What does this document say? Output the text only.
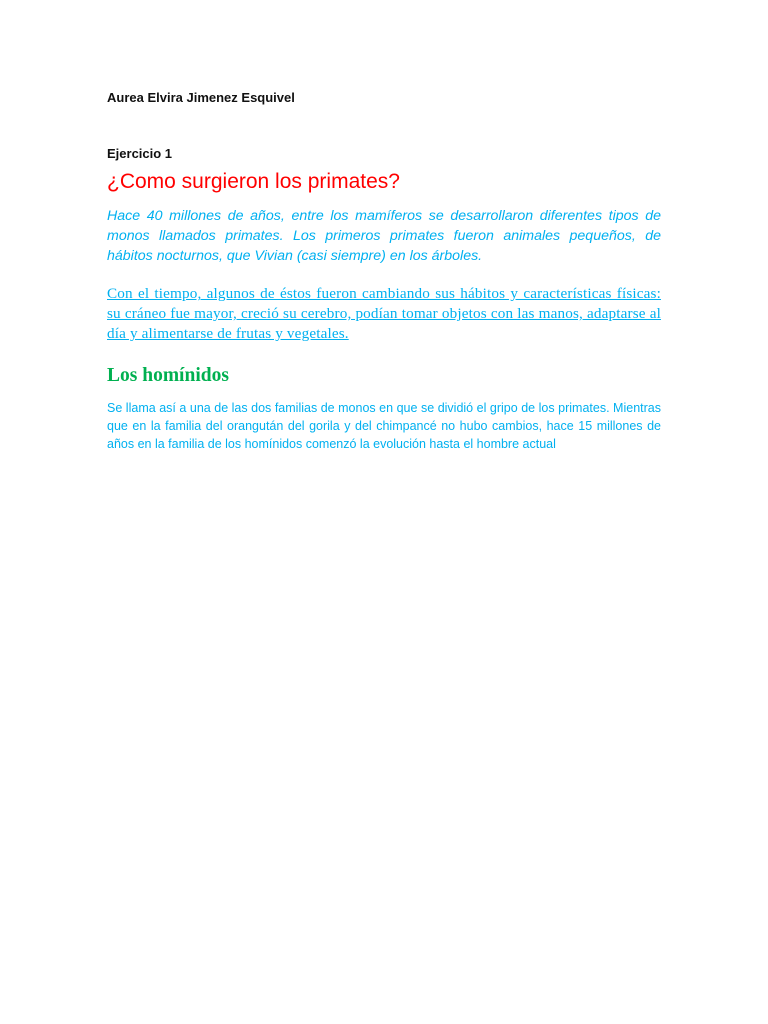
Aurea Elvira Jimenez Esquivel

Ejercicio 1

¿Como surgieron los primates?

Hace 40 millones de años, entre los mamíferos se desarrollaron diferentes tipos de monos llamados primates. Los primeros primates fueron animales pequeños, de hábitos nocturnos, que Vivian (casi siempre) en los árboles.

Con el tiempo, algunos de éstos fueron cambiando sus hábitos y características físicas: su cráneo fue mayor, creció su cerebro, podían tomar objetos con las manos, adaptarse al día y alimentarse de frutas y vegetales.

Los homínidos

Se llama así a una de las dos familias de monos en que se dividió el gripo de los primates. Mientras que en la familia del orangután del gorila y del chimpancé no hubo cambios, hace 15 millones de años en la familia de los homínidos comenzó la evolución hasta el hombre actual
